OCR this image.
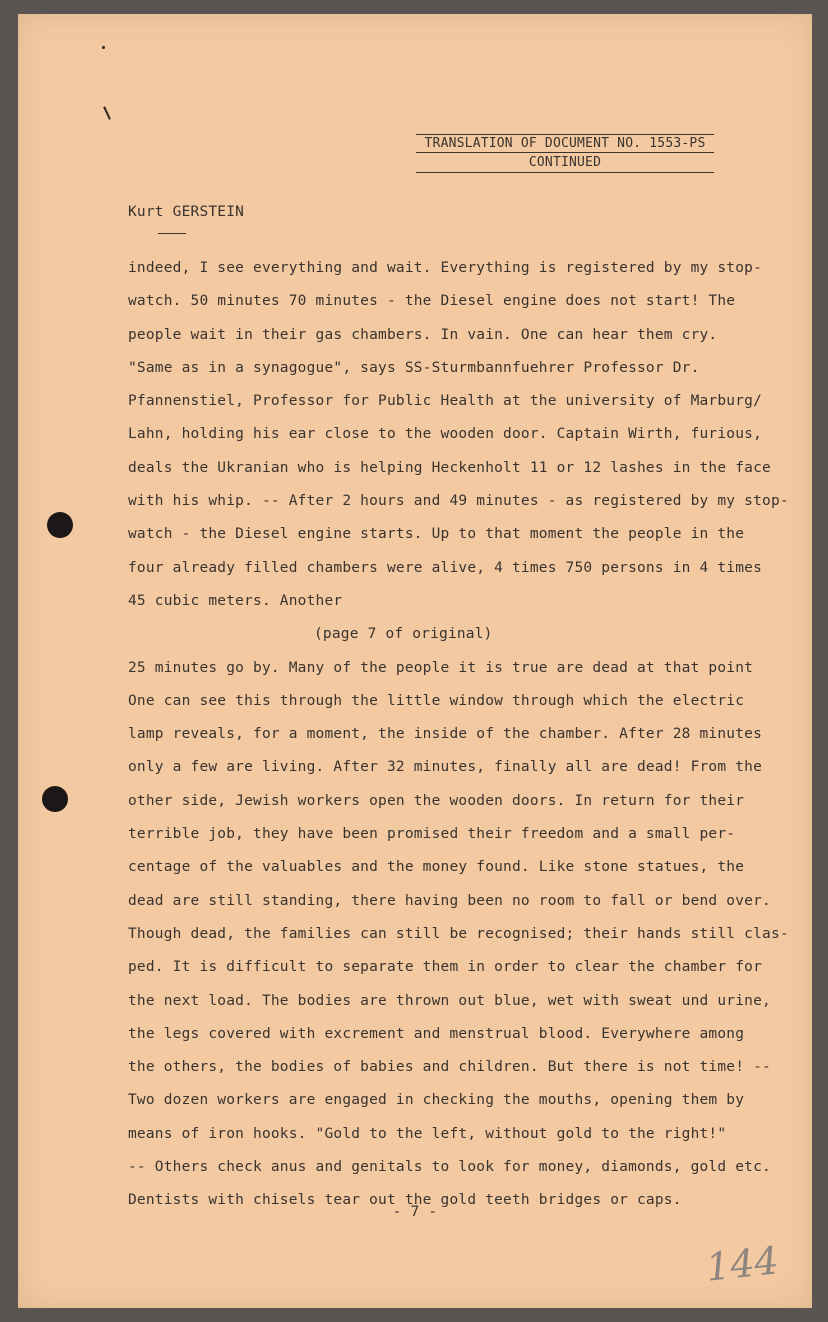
TRANSLATION OF DOCUMENT NO. 1553-PS
CONTINUED
Kurt GERSTEIN
indeed, I see everything and wait. Everything is registered by my stop-
watch. 50 minutes 70 minutes - the Diesel engine does not start! The
people wait in their gas chambers. In vain. One can hear them cry.
"Same as in a synagogue", says SS-Sturmbannfuehrer Professor Dr.
Pfannenstiel, Professor for Public Health at the university of Marburg/
Lahn, holding his ear close to the wooden door. Captain Wirth, furious,
deals the Ukranian who is helping Heckenholt 11 or 12 lashes in the face
with his whip. -- After 2 hours and 49 minutes - as registered by my stop-
watch - the Diesel engine starts. Up to that moment the people in the
four already filled chambers were alive, 4 times 750 persons in 4 times
45 cubic meters. Another
(page 7 of original)
25 minutes go by. Many of the people it is true are dead at that point
One can see this through the little window through which the electric
lamp reveals, for a moment, the inside of the chamber. After 28 minutes
only a few are living. After 32 minutes, finally all are dead! From the
other side, Jewish workers open the wooden doors. In return for their
terrible job, they have been promised their freedom and a small per-
centage of the valuables and the money found. Like stone statues, the
dead are still standing, there having been no room to fall or bend over.
Though dead, the families can still be recognised; their hands still clas-
ped. It is difficult to separate them in order to clear the chamber for
the next load. The bodies are thrown out blue, wet with sweat und urine,
the legs covered with excrement and menstrual blood. Everywhere among
the others, the bodies of babies and children. But there is not time! --
Two dozen workers are engaged in checking the mouths, opening them by
means of iron hooks. "Gold to the left, without gold to the right!"
-- Others check anus and genitals to look for money, diamonds, gold etc.
Dentists with chisels tear out the gold teeth bridges or caps.
- 7 -
144
